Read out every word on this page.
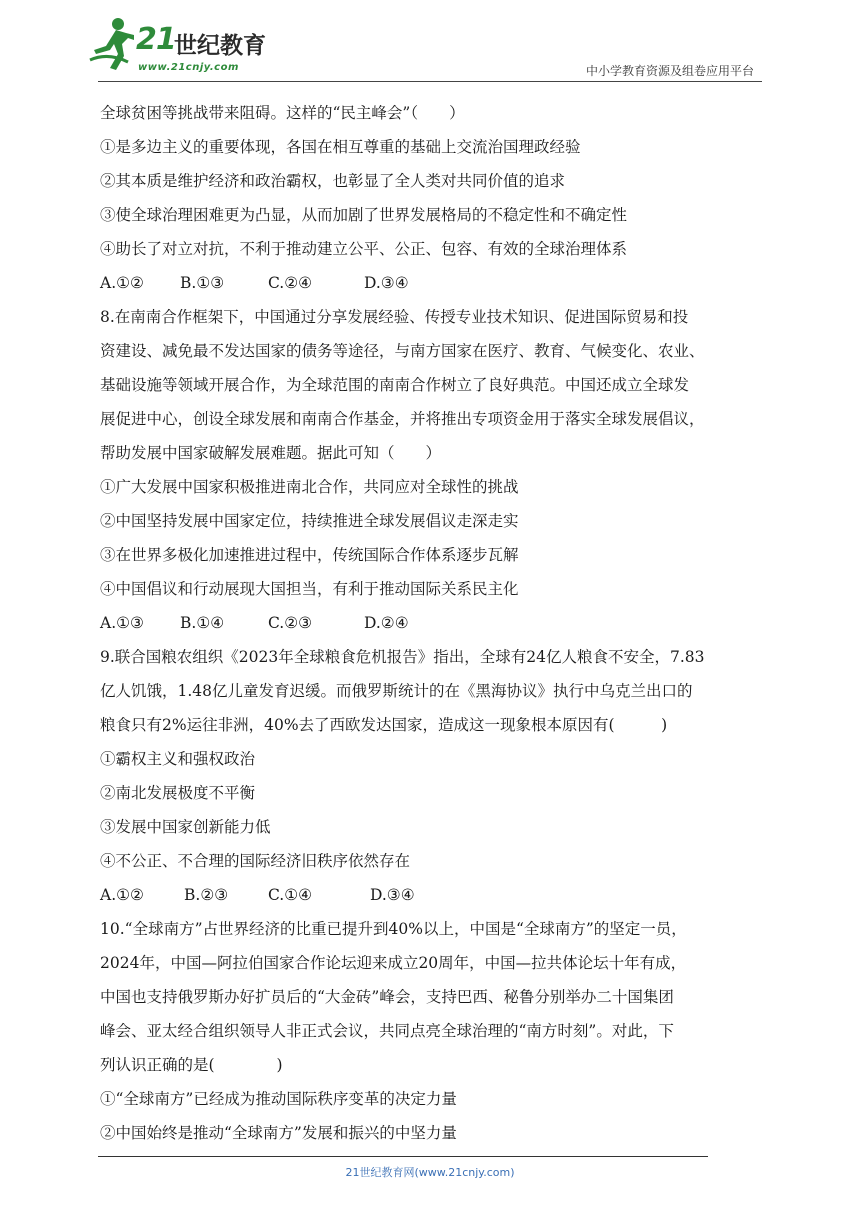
21
世纪教育
www.21cnjy.com	中小学教育资源及组卷应用平台
全球贫困等挑战带来阻碍。这样的“民主峰会”（　　）
①是多边主义的重要体现，各国在相互尊重的基础上交流治国理政经验
②其本质是维护经济和政治霸权，也彰显了全人类对共同价值的追求
③使全球治理困难更为凸显，从而加剧了世界发展格局的不稳定性和不确定性
④助长了对立对抗，不利于推动建立公平、公正、包容、有效的全球治理体系
A.①② B.①③	C.②④	D.③④
8.在南南合作框架下，中国通过分享发展经验、传授专业技术知识、促进国际贸易和投
资建设、减免最不发达国家的债务等途径，与南方国家在医疗、教育、气候变化、农业、
基础设施等领域开展合作，为全球范围的南南合作树立了良好典范。中国还成立全球发
展促进中心，创设全球发展和南南合作基金，并将推出专项资金用于落实全球发展倡议，
帮助发展中国家破解发展难题。据此可知（　　）
①广大发展中国家积极推进南北合作，共同应对全球性的挑战
②中国坚持发展中国家定位，持续推进全球发展倡议走深走实
③在世界多极化加速推进过程中，传统国际合作体系逐步瓦解
④中国倡议和行动展现大国担当，有利于推动国际关系民主化
A.①③ B.①④	C.②③	D.②④
9.联合国粮农组织《2023年全球粮食危机报告》指出，全球有24亿人粮食不安全，7.83
亿人饥饿，1.48亿儿童发育迟缓。而俄罗斯统计的在《黑海协议》执行中乌克兰出口的
粮食只有2%运往非洲，40%去了西欧发达国家，造成这一现象根本原因有(　　　)
①霸权主义和强权政治
②南北发展极度不平衡
③发展中国家创新能力低
④不公正、不合理的国际经济旧秩序依然存在
A.①②	B.②③	C.①④	D.③④
10.“全球南方”占世界经济的比重已提升到40%以上，中国是“全球南方”的坚定一员，
2024年，中国—阿拉伯国家合作论坛迎来成立20周年，中国—拉共体论坛十年有成，
中国也支持俄罗斯办好扩员后的“大金砖”峰会，支持巴西、秘鲁分别举办二十国集团
峰会、亚太经合组织领导人非正式会议，共同点亮全球治理的“南方时刻”。对此，下
列认识正确的是(　　　　)
①“全球南方”已经成为推动国际秩序变革的决定力量
②中国始终是推动“全球南方”发展和振兴的中坚力量
21世纪教育网(www.21cnjy.com)
